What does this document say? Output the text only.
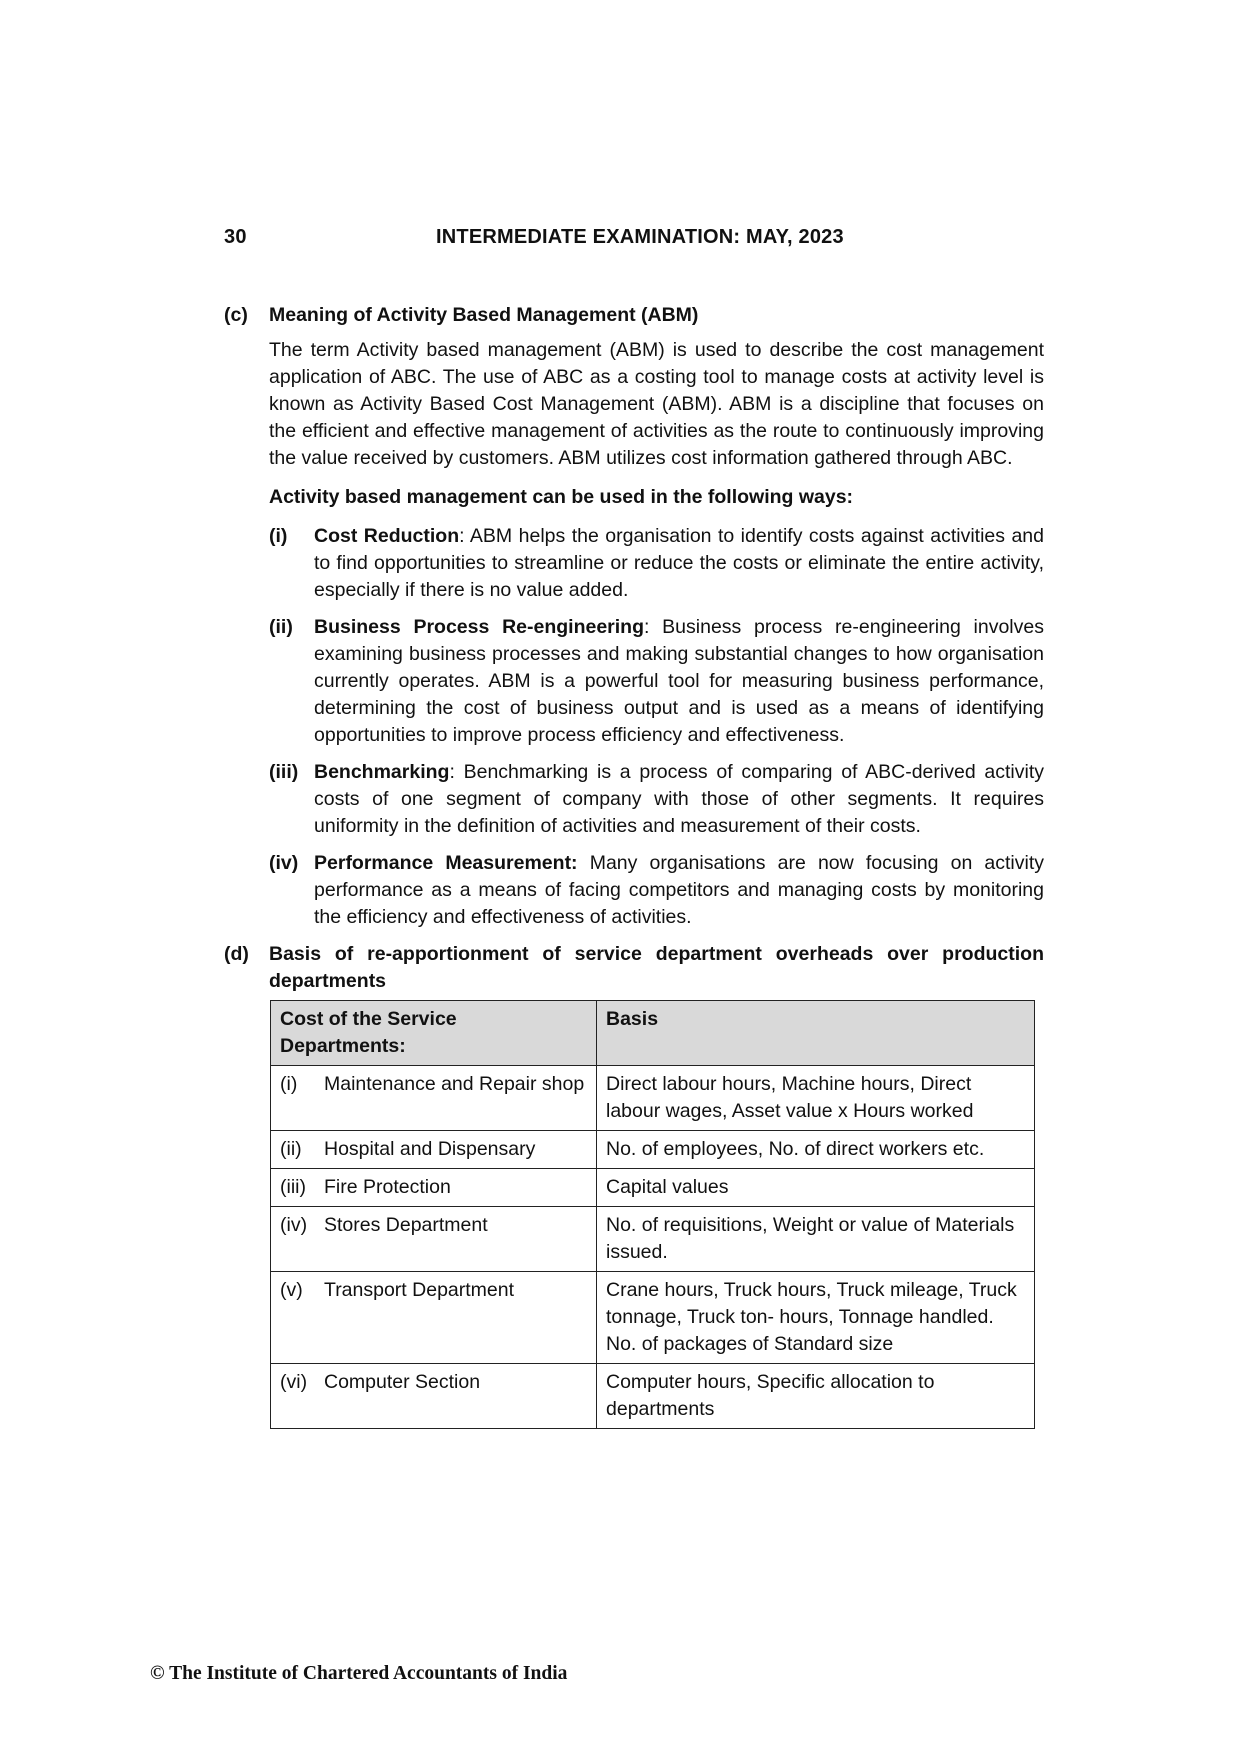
30	INTERMEDIATE EXAMINATION: MAY, 2023
(c) Meaning of Activity Based Management (ABM)
The term Activity based management (ABM) is used to describe the cost management application of ABC. The use of ABC as a costing tool to manage costs at activity level is known as Activity Based Cost Management (ABM). ABM is a discipline that focuses on the efficient and effective management of activities as the route to continuously improving the value received by customers. ABM utilizes cost information gathered through ABC.
Activity based management can be used in the following ways:
(i) Cost Reduction: ABM helps the organisation to identify costs against activities and to find opportunities to streamline or reduce the costs or eliminate the entire activity, especially if there is no value added.
(ii) Business Process Re-engineering: Business process re-engineering involves examining business processes and making substantial changes to how organisation currently operates. ABM is a powerful tool for measuring business performance, determining the cost of business output and is used as a means of identifying opportunities to improve process efficiency and effectiveness.
(iii) Benchmarking: Benchmarking is a process of comparing of ABC-derived activity costs of one segment of company with those of other segments. It requires uniformity in the definition of activities and measurement of their costs.
(iv) Performance Measurement: Many organisations are now focusing on activity performance as a means of facing competitors and managing costs by monitoring the efficiency and effectiveness of activities.
(d) Basis of re-apportionment of service department overheads over production departments
Cost of the Service Departments:	Basis
(i) Maintenance and Repair shop	Direct labour hours, Machine hours, Direct labour wages, Asset value x Hours worked
(ii) Hospital and Dispensary	No. of employees, No. of direct workers etc.
(iii) Fire Protection	Capital values
(iv) Stores Department	No. of requisitions, Weight or value of Materials issued.
(v) Transport Department	Crane hours, Truck hours, Truck mileage, Truck tonnage, Truck ton- hours, Tonnage handled. No. of packages of Standard size
(vi) Computer Section	Computer hours, Specific allocation to departments
© The Institute of Chartered Accountants of India
